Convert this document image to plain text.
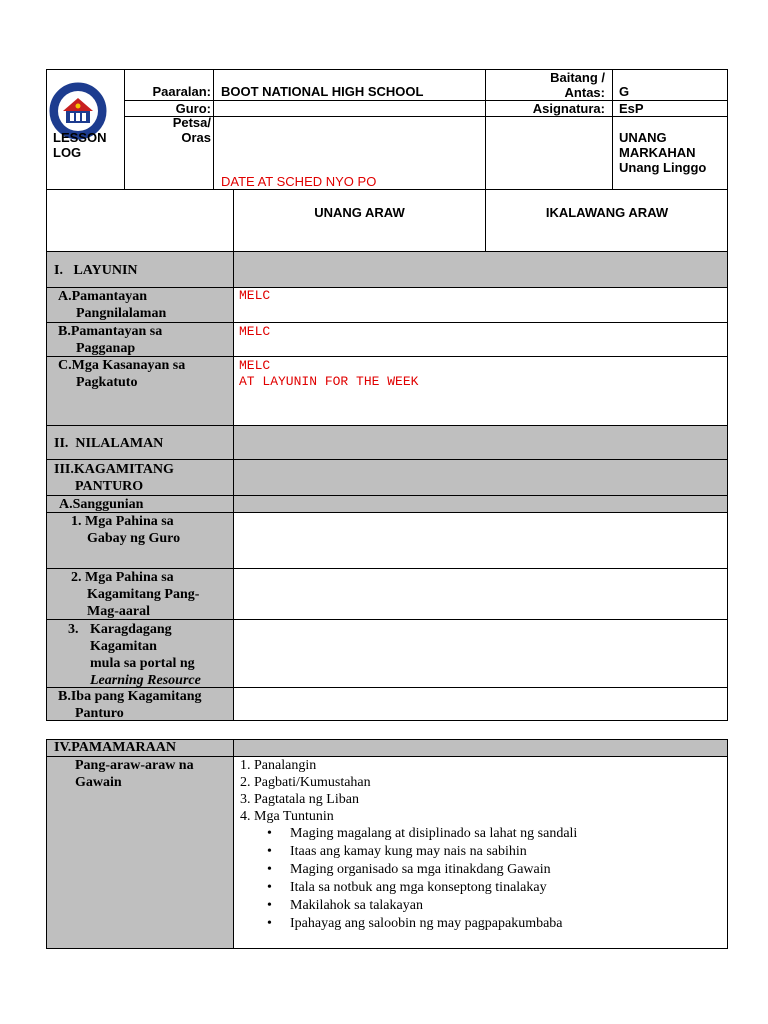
LESSON LOG
Paaralan:
Guro:
Petsa/
Oras
BOOT NATIONAL HIGH SCHOOL
DATE AT SCHED NYO PO
Baitang /
Antas:
Asignatura:
G
EsP
UNANG
MARKAHAN
Unang Linggo
UNANG ARAW	IKALAWANG ARAW
I.   LAYUNIN
A.Pamantayan
Pangnilalaman
MELC
B.Pamantayan sa
Pagganap
MELC
C.Mga Kasanayan sa
Pagkatuto
MELC
AT LAYUNIN FOR THE WEEK
II.  NILALAMAN
III.KAGAMITANG
PANTURO
A.Sanggunian
1. Mga Pahina sa
Gabay ng Guro
2. Mga Pahina sa
Kagamitang Pang-
Mag-aaral
3. Karagdagang
Kagamitan
mula sa portal ng
Learning Resource
B.Iba pang Kagamitang
Panturo
IV.PAMAMARAAN
Pang-araw-araw na
Gawain
1. Panalangin
2. Pagbati/Kumustahan
3. Pagtatala ng Liban
4. Mga Tuntunin
• Maging magalang at disiplinado sa lahat ng sandali
• Itaas ang kamay kung may nais na sabihin
• Maging organisado sa mga itinakdang Gawain
• Itala sa notbuk ang mga konseptong tinalakay
• Makilahok sa talakayan
• Ipahayag ang saloobin ng may pagpapakumbaba
